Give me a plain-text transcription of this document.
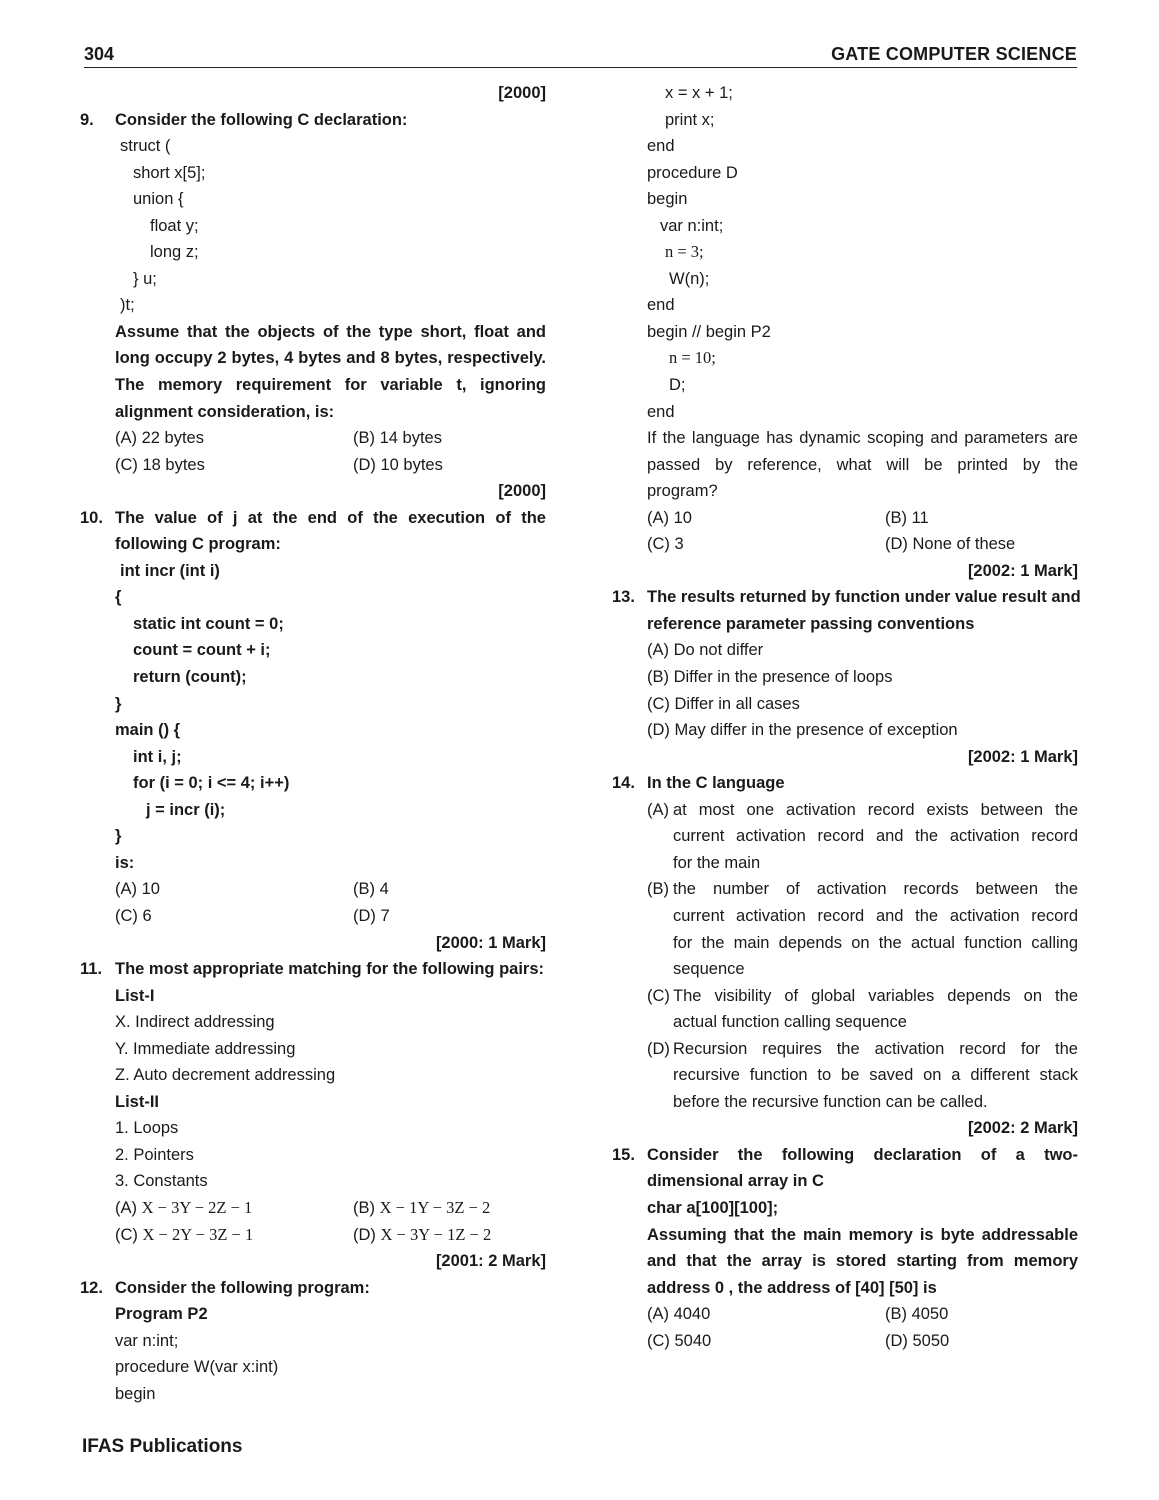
304	GATE COMPUTER SCIENCE
[2000]
9. Consider the following C declaration:
struct (
short x[5];
union {
float y;
long z;
} u;
)t;
Assume that the objects of the type short, float and
long occupy 2 bytes, 4 bytes and 8 bytes, respectively.
The memory requirement for variable t, ignoring
alignment consideration, is:
(A) 22 bytes	(B) 14 bytes
(C) 18 bytes	(D) 10 bytes
[2000]
10. The value of j at the end of the execution of the
following C program:
int incr (int i)
{
static int count = 0;
count = count + i;
return (count);
}
main () {
int i, j;
for (i = 0; i <= 4; i++)
j = incr (i);
}
is:
(A) 10	(B) 4
(C) 6	(D) 7
[2000: 1 Mark]
11. The most appropriate matching for the following pairs:
List-I
X. Indirect addressing
Y. Immediate addressing
Z. Auto decrement addressing
List-II
1. Loops
2. Pointers
3. Constants
(A) X − 3Y − 2Z − 1	(B) X − 1Y − 3Z − 2
(C) X − 2Y − 3Z − 1	(D) X − 3Y − 1Z − 2
[2001: 2 Mark]
12. Consider the following program:
Program P2
var n:int;
procedure W(var x:int)
begin
x = x + 1;
print x;
end
procedure D
begin
var n:int;
n = 3;
W(n);
end
begin // begin P2
n = 10;
D;
end
If the language has dynamic scoping and parameters are
passed by reference, what will be printed by the
program?
(A) 10	(B) 11
(C) 3	(D) None of these
[2002: 1 Mark]
13. The results returned by function under value result and
reference parameter passing conventions
(A) Do not differ
(B) Differ in the presence of loops
(C) Differ in all cases
(D) May differ in the presence of exception
[2002: 1 Mark]
14. In the C language
(A) at most one activation record exists between the
current activation record and the activation record
for the main
(B) the number of activation records between the
current activation record and the activation record
for the main depends on the actual function calling
sequence
(C) The visibility of global variables depends on the
actual function calling sequence
(D) Recursion requires the activation record for the
recursive function to be saved on a different stack
before the recursive function can be called.
[2002: 2 Mark]
15. Consider the following declaration of a two-
dimensional array in C
char a[100][100];
Assuming that the main memory is byte addressable
and that the array is stored starting from memory
address 0 , the address of [40] [50] is
(A) 4040	(B) 4050
(C) 5040	(D) 5050
IFAS Publications
